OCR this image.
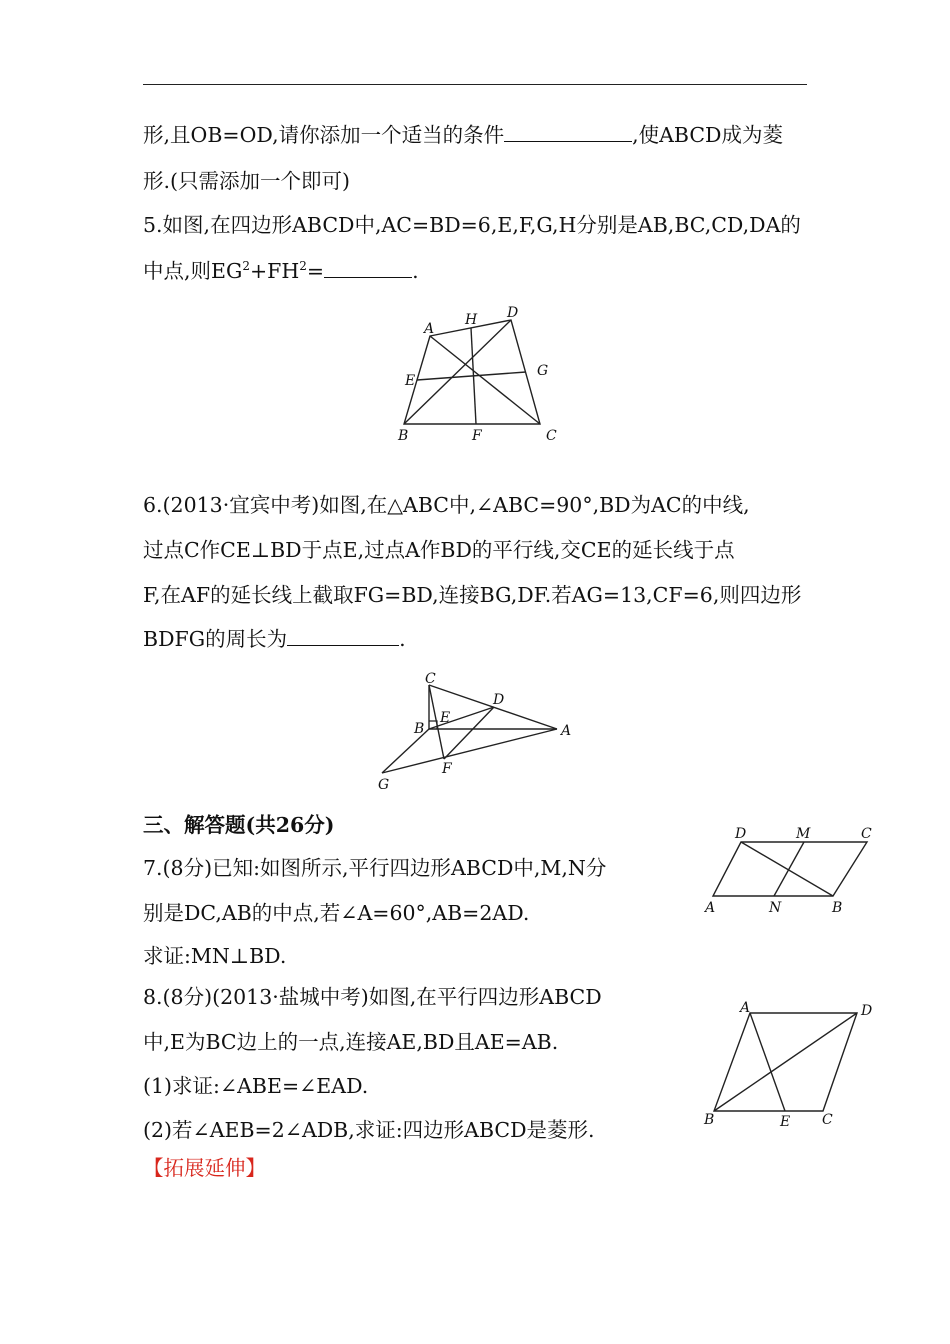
形,且OB=OD,请你添加一个适当的条件	,使ABCD成为菱
形.(只需添加一个即可)
5.如图,在四边形ABCD中,AC=BD=6,E,F,G,H分别是AB,BC,CD,DA的
中点,则$EG^2+FH^2=$	.
A
H D
E
G
B	F	C
6.(2013·宜宾中考)如图,在△ABC中,∠ABC=90°,BD为AC的中线,
过点C作CE⊥BD于点E,过点A作BD的平行线,交CE的延长线于点
F,在AF的延长线上截取FG=BD,连接BG,DF.若AG=13,CF=6,则四边形
BDFG的周长为	.
C
D
B
E
A
F
G
三、解答题(共26分)
7.(8分)已知:如图所示,平行四边形ABCD中,M,N分
别是DC,AB的中点,若∠A=60°,AB=2AD.
求证:MN⊥BD.
D	M	C
A	N	B
8.(8分)(2013·盐城中考)如图,在平行四边形ABCD
中,E为BC边上的一点,连接AE,BD且AE=AB.
(1)求证:∠ABE=∠EAD.
(2)若∠AEB=2∠ADB,求证:四边形ABCD是菱形.
A	D
B	E C
【拓展延伸】
